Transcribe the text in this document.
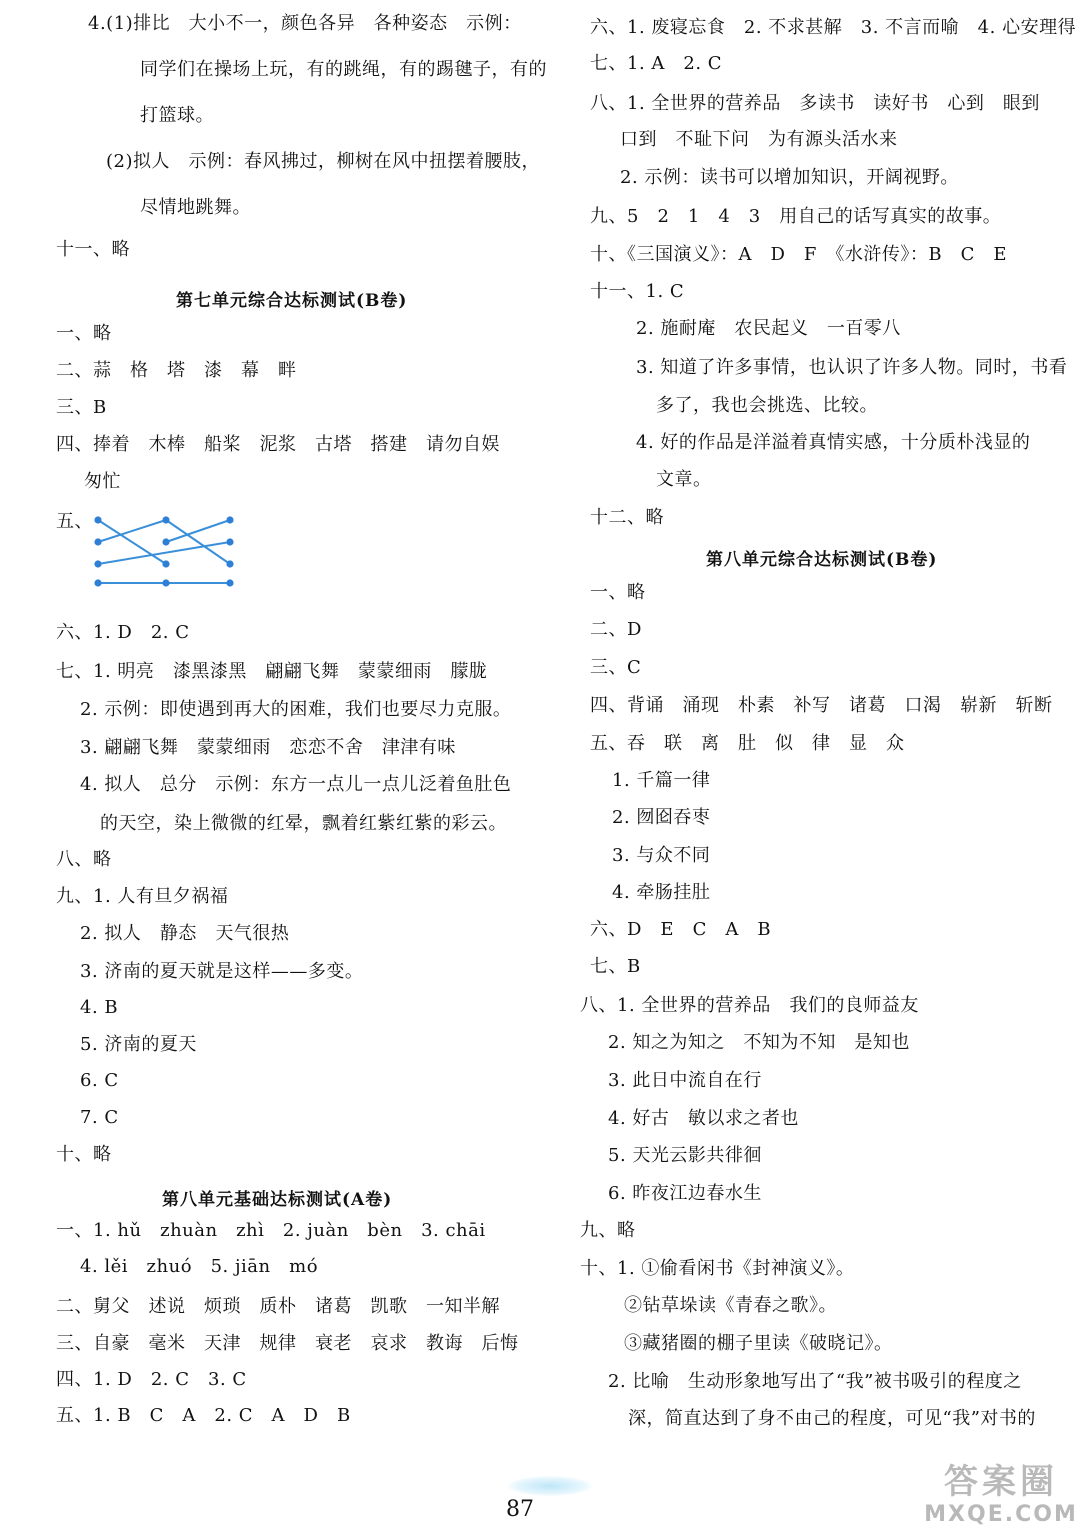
4.(1)排比　大小不一，颜色各异　各种姿态　示例：
同学们在操场上玩，有的跳绳，有的踢毽子，有的
打篮球。
(2)拟人　示例：春风拂过，柳树在风中扭摆着腰肢，
尽情地跳舞。
十一、略
第七单元综合达标测试(B卷)
一、略
二、蒜　格　塔　漆　幕　畔
三、B
四、捧着　木棒　船桨　泥浆　古塔　搭建　请勿自娱
匆忙
五、
六、1. D　2. C
七、1. 明亮　漆黑漆黑　翩翩飞舞　蒙蒙细雨　朦胧
2. 示例：即使遇到再大的困难，我们也要尽力克服。
3. 翩翩飞舞　蒙蒙细雨　恋恋不舍　津津有味
4. 拟人　总分　示例：东方一点儿一点儿泛着鱼肚色
的天空，染上微微的红晕，飘着红紫红紫的彩云。
八、略
九、1. 人有旦夕祸福
2. 拟人　静态　天气很热
3. 济南的夏天就是这样——多变。
4. B
5. 济南的夏天
6. C
7. C
十、略
第八单元基础达标测试(A卷)
一、1. hǔ　zhuàn　zhì　2. juàn　bèn　3. chāi
4. lěi　zhuó　5. jiān　mó
二、舅父　述说　烦琐　质朴　诸葛　凯歌　一知半解
三、自豪　毫米　天津　规律　衰老　哀求　教诲　后悔
四、1. D　2. C　3. C
五、1. B　C　A　2. C　A　D　B
六、1. 废寝忘食　2. 不求甚解　3. 不言而喻　4. 心安理得
七、1. A　2. C
八、1. 全世界的营养品　多读书　读好书　心到　眼到
口到　不耻下问　为有源头活水来
2. 示例：读书可以增加知识，开阔视野。
九、5　2　1　4　3　用自己的话写真实的故事。
十、《三国演义》：A　D　F　《水浒传》：B　C　E
十一、1. C
2. 施耐庵　农民起义　一百零八
3. 知道了许多事情，也认识了许多人物。同时，书看
多了，我也会挑选、比较。
4. 好的作品是洋溢着真情实感，十分质朴浅显的
文章。
十二、略
第八单元综合达标测试(B卷)
一、略
二、D
三、C
四、背诵　涌现　朴素　补写　诸葛　口渴　崭新　斩断
五、吞　联　离　肚　似　律　显　众
1. 千篇一律
2. 囫囵吞枣
3. 与众不同
4. 牵肠挂肚
六、D　E　C　A　B
七、B
八、1. 全世界的营养品　我们的良师益友
2. 知之为知之　不知为不知　是知也
3. 此日中流自在行
4. 好古　敏以求之者也
5. 天光云影共徘徊
6. 昨夜江边春水生
九、略
十、1. ①偷看闲书《封神演义》。
②钻草垛读《青春之歌》。
③藏猪圈的棚子里读《破晓记》。
2. 比喻　生动形象地写出了“我”被书吸引的程度之
深，简直达到了身不由己的程度，可见“我”对书的
87
答案圈
MXQE.COM
